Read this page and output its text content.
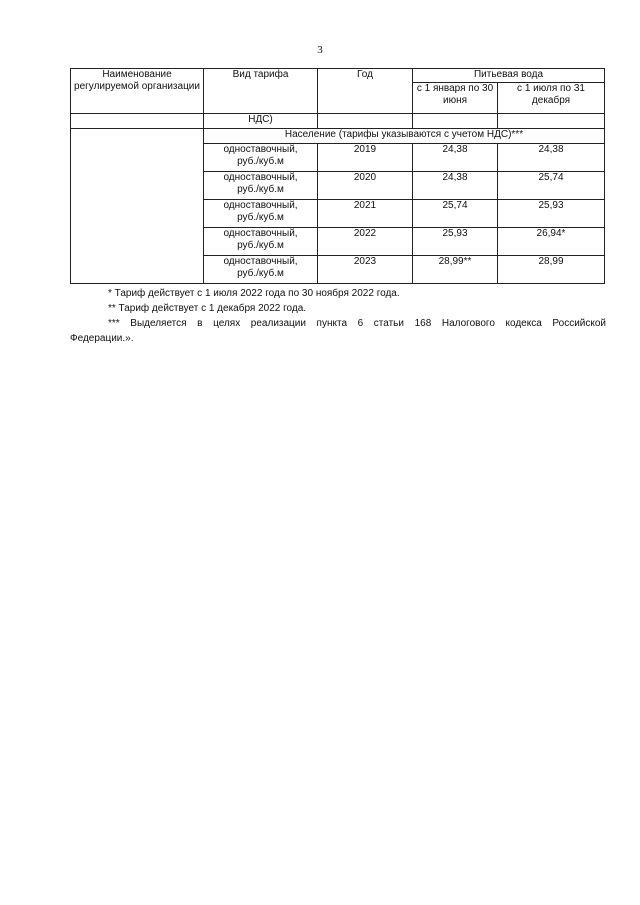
3
Наименование регулируемой организации	Вид тарифа	Год	Питьевая вода	
			с 1 января по 30 июня	с 1 июля по 31 декабря
	НДС)			
	Население (тарифы указываются с учетом НДС)***			

	одноставочный,
руб./куб.м	2019	24,38	24,38

	одноставочный,
руб./куб.м	2020	24,38	25,74

	одноставочный,
руб./куб.м	2021	25,74	25,93

	одноставочный,
руб./куб.м	2022	25,93	26,94*

	одноставочный,
руб./куб.м	2023	28,99**	28,99

* Тариф действует с 1 июля 2022 года по 30 ноября 2022 года.

** Тариф действует с 1 декабря 2022 года.

*** Выделяется в целях реализации пункта 6 статьи 168 Налогового кодекса Российской

Федерации.».
